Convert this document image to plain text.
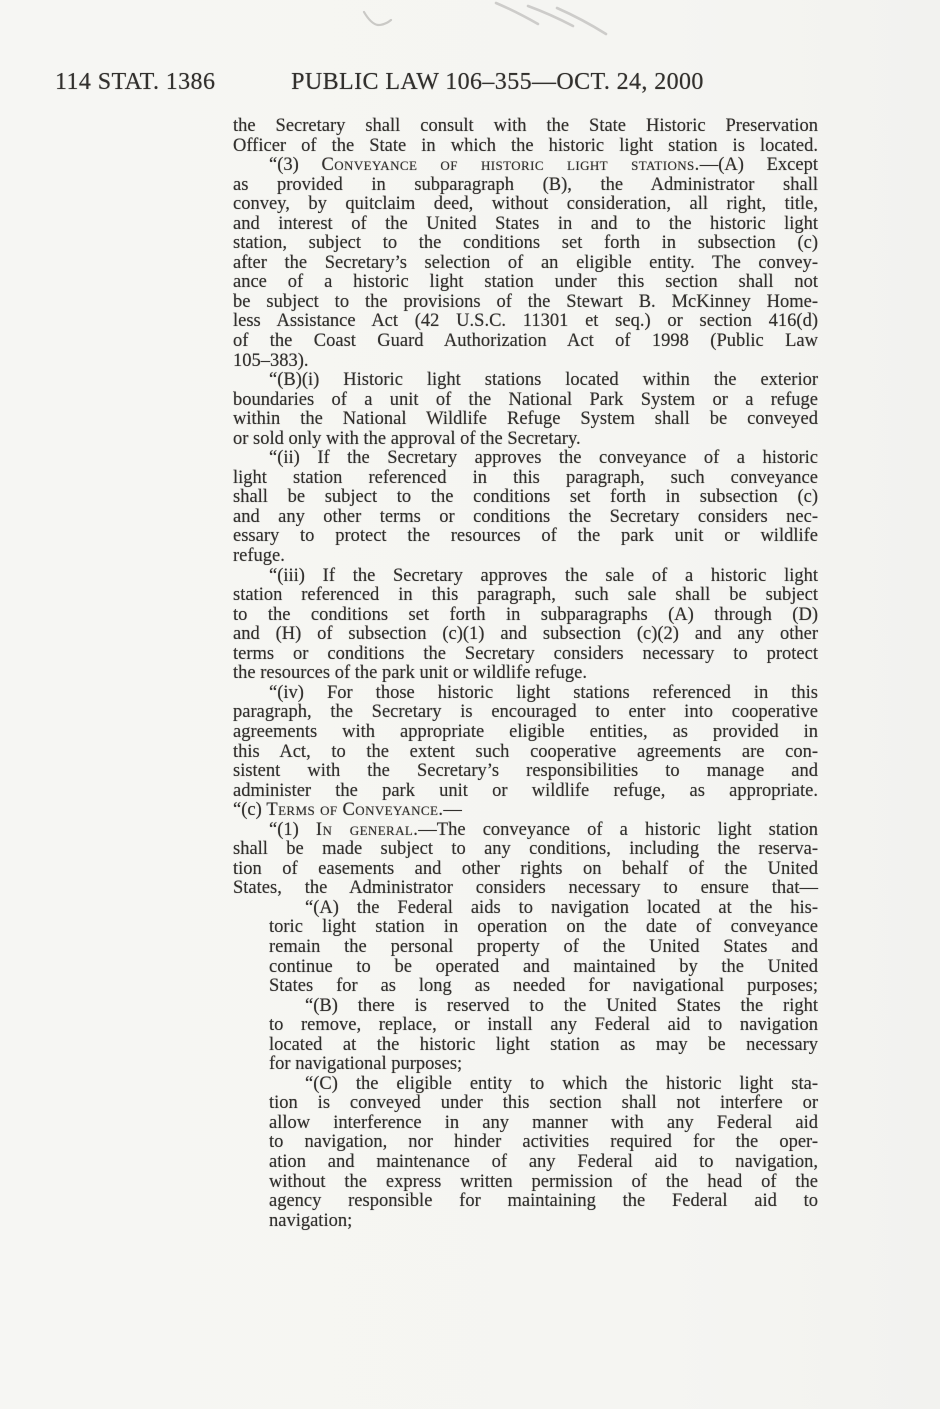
114 STAT. 1386	PUBLIC LAW 106–355—OCT. 24, 2000
the Secretary shall consult with the State Historic Preservation
Officer of the State in which the historic light station is located.
“(3) Conveyance of historic light stations.—(A) Except
as provided in subparagraph (B), the Administrator shall
convey, by quitclaim deed, without consideration, all right, title,
and interest of the United States in and to the historic light
station, subject to the conditions set forth in subsection (c)
after the Secretary’s selection of an eligible entity. The convey-
ance of a historic light station under this section shall not
be subject to the provisions of the Stewart B. McKinney Home-
less Assistance Act (42 U.S.C. 11301 et seq.) or section 416(d)
of the Coast Guard Authorization Act of 1998 (Public Law
105–383).
“(B)(i) Historic light stations located within the exterior
boundaries of a unit of the National Park System or a refuge
within the National Wildlife Refuge System shall be conveyed
or sold only with the approval of the Secretary.
“(ii) If the Secretary approves the conveyance of a historic
light station referenced in this paragraph, such conveyance
shall be subject to the conditions set forth in subsection (c)
and any other terms or conditions the Secretary considers nec-
essary to protect the resources of the park unit or wildlife
refuge.
“(iii) If the Secretary approves the sale of a historic light
station referenced in this paragraph, such sale shall be subject
to the conditions set forth in subparagraphs (A) through (D)
and (H) of subsection (c)(1) and subsection (c)(2) and any other
terms or conditions the Secretary considers necessary to protect
the resources of the park unit or wildlife refuge.
“(iv) For those historic light stations referenced in this
paragraph, the Secretary is encouraged to enter into cooperative
agreements with appropriate eligible entities, as provided in
this Act, to the extent such cooperative agreements are con-
sistent with the Secretary’s responsibilities to manage and
administer the park unit or wildlife refuge, as appropriate.
“(c) Terms of Conveyance.—
“(1) In general.—The conveyance of a historic light station
shall be made subject to any conditions, including the reserva-
tion of easements and other rights on behalf of the United
States, the Administrator considers necessary to ensure that—
“(A) the Federal aids to navigation located at the his-
toric light station in operation on the date of conveyance
remain the personal property of the United States and
continue to be operated and maintained by the United
States for as long as needed for navigational purposes;
“(B) there is reserved to the United States the right
to remove, replace, or install any Federal aid to navigation
located at the historic light station as may be necessary
for navigational purposes;
“(C) the eligible entity to which the historic light sta-
tion is conveyed under this section shall not interfere or
allow interference in any manner with any Federal aid
to navigation, nor hinder activities required for the oper-
ation and maintenance of any Federal aid to navigation,
without the express written permission of the head of the
agency responsible for maintaining the Federal aid to
navigation;
